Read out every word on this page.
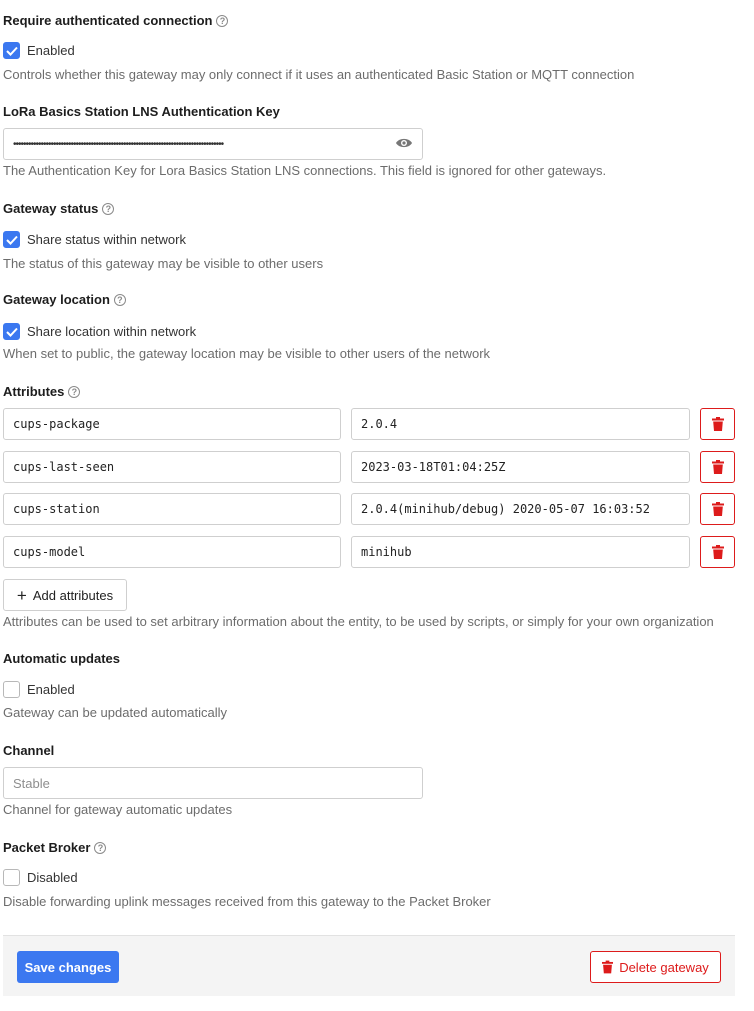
Require authenticated connection ?
Enabled
Controls whether this gateway may only connect if it uses an authenticated Basic Station or MQTT connection
LoRa Basics Station LNS Authentication Key
••••••••••••••••••••••••••••••••••••••••••••••••••••••••••••••••••••••••••••••••••••
The Authentication Key for Lora Basics Station LNS connections. This field is ignored for other gateways.
Gateway status ?
Share status within network
The status of this gateway may be visible to other users
Gateway location ?
Share location within network
When set to public, the gateway location may be visible to other users of the network
Attributes ?
cups-package	2.0.4
cups-last-seen	2023-03-18T01:04:25Z
cups-station	2.0.4(minihub/debug) 2020-05-07 16:03:52
cups-model	minihub
+ Add attributes
Attributes can be used to set arbitrary information about the entity, to be used by scripts, or simply for your own organization
Automatic updates
Enabled
Gateway can be updated automatically
Channel
Stable
Channel for gateway automatic updates
Packet Broker ?
Disabled
Disable forwarding uplink messages received from this gateway to the Packet Broker
Save changes	Delete gateway
